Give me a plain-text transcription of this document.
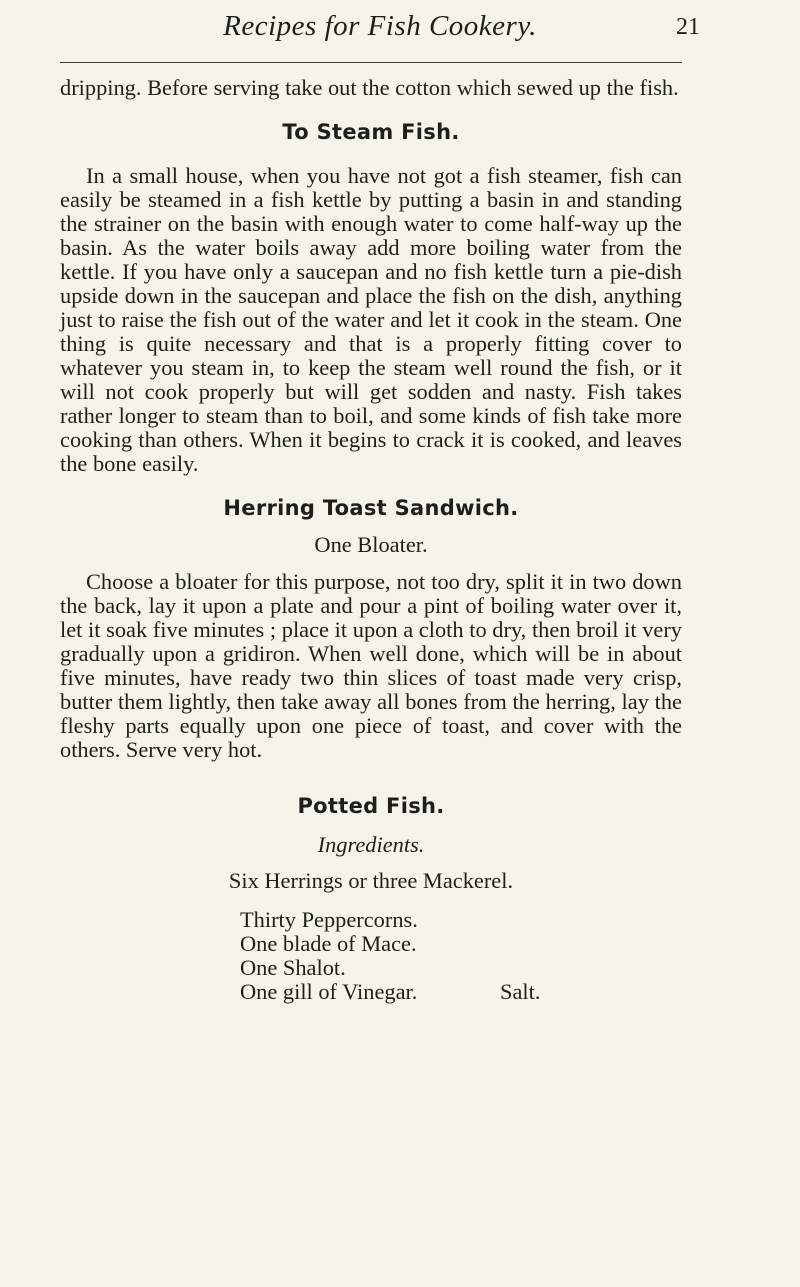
Recipes for Fish Cookery.	21

dripping. Before serving take out the cotton which sewed up the fish.

To Steam Fish.

In a small house, when you have not got a fish steamer, fish can easily be steamed in a fish kettle by putting a basin in and standing the strainer on the basin with enough water to come half-way up the basin. As the water boils away add more boiling water from the kettle. If you have only a saucepan and no fish kettle turn a pie-dish upside down in the saucepan and place the fish on the dish, anything just to raise the fish out of the water and let it cook in the steam. One thing is quite necessary and that is a properly fitting cover to whatever you steam in, to keep the steam well round the fish, or it will not cook properly but will get sodden and nasty. Fish takes rather longer to steam than to boil, and some kinds of fish take more cooking than others. When it begins to crack it is cooked, and leaves the bone easily.

Herring Toast Sandwich.

One Bloater.

Choose a bloater for this purpose, not too dry, split it in two down the back, lay it upon a plate and pour a pint of boiling water over it, let it soak five minutes ; place it upon a cloth to dry, then broil it very gradually upon a gridiron. When well done, which will be in about five minutes, have ready two thin slices of toast made very crisp, butter them lightly, then take away all bones from the herring, lay the fleshy parts equally upon one piece of toast, and cover with the others. Serve very hot.

Potted Fish.

Ingredients.

Six Herrings or three Mackerel.

Thirty Peppercorns.
One blade of Mace.
One Shalot.
One gill of Vinegar.	Salt.
